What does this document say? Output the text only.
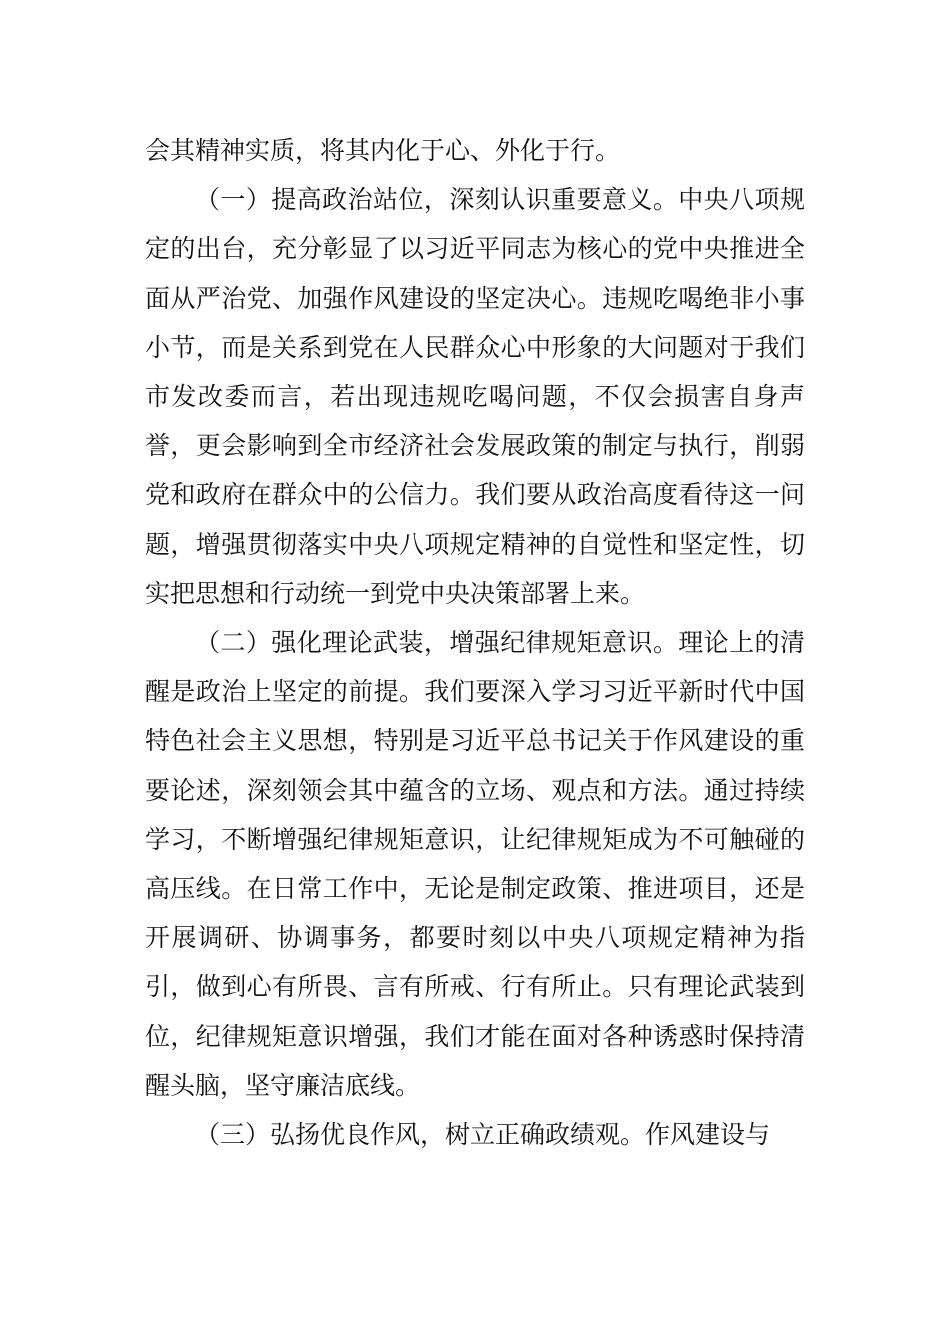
会其精神实质，将其内化于心、外化于行。

（一）提高政治站位，深刻认识重要意义。中央八项规定的出台，充分彰显了以习近平同志为核心的党中央推进全面从严治党、加强作风建设的坚定决心。违规吃喝绝非小事小节，而是关系到党在人民群众心中形象的大问题对于我们市发改委而言，若出现违规吃喝问题，不仅会损害自身声誉，更会影响到全市经济社会发展政策的制定与执行，削弱党和政府在群众中的公信力。我们要从政治高度看待这一问题，增强贯彻落实中央八项规定精神的自觉性和坚定性，切实把思想和行动统一到党中央决策部署上来。

（二）强化理论武装，增强纪律规矩意识。理论上的清醒是政治上坚定的前提。我们要深入学习习近平新时代中国特色社会主义思想，特别是习近平总书记关于作风建设的重要论述，深刻领会其中蕴含的立场、观点和方法。通过持续学习，不断增强纪律规矩意识，让纪律规矩成为不可触碰的高压线。在日常工作中，无论是制定政策、推进项目，还是开展调研、协调事务，都要时刻以中央八项规定精神为指引，做到心有所畏、言有所戒、行有所止。只有理论武装到位，纪律规矩意识增强，我们才能在面对各种诱惑时保持清醒头脑，坚守廉洁底线。

（三）弘扬优良作风，树立正确政绩观。作风建设与
